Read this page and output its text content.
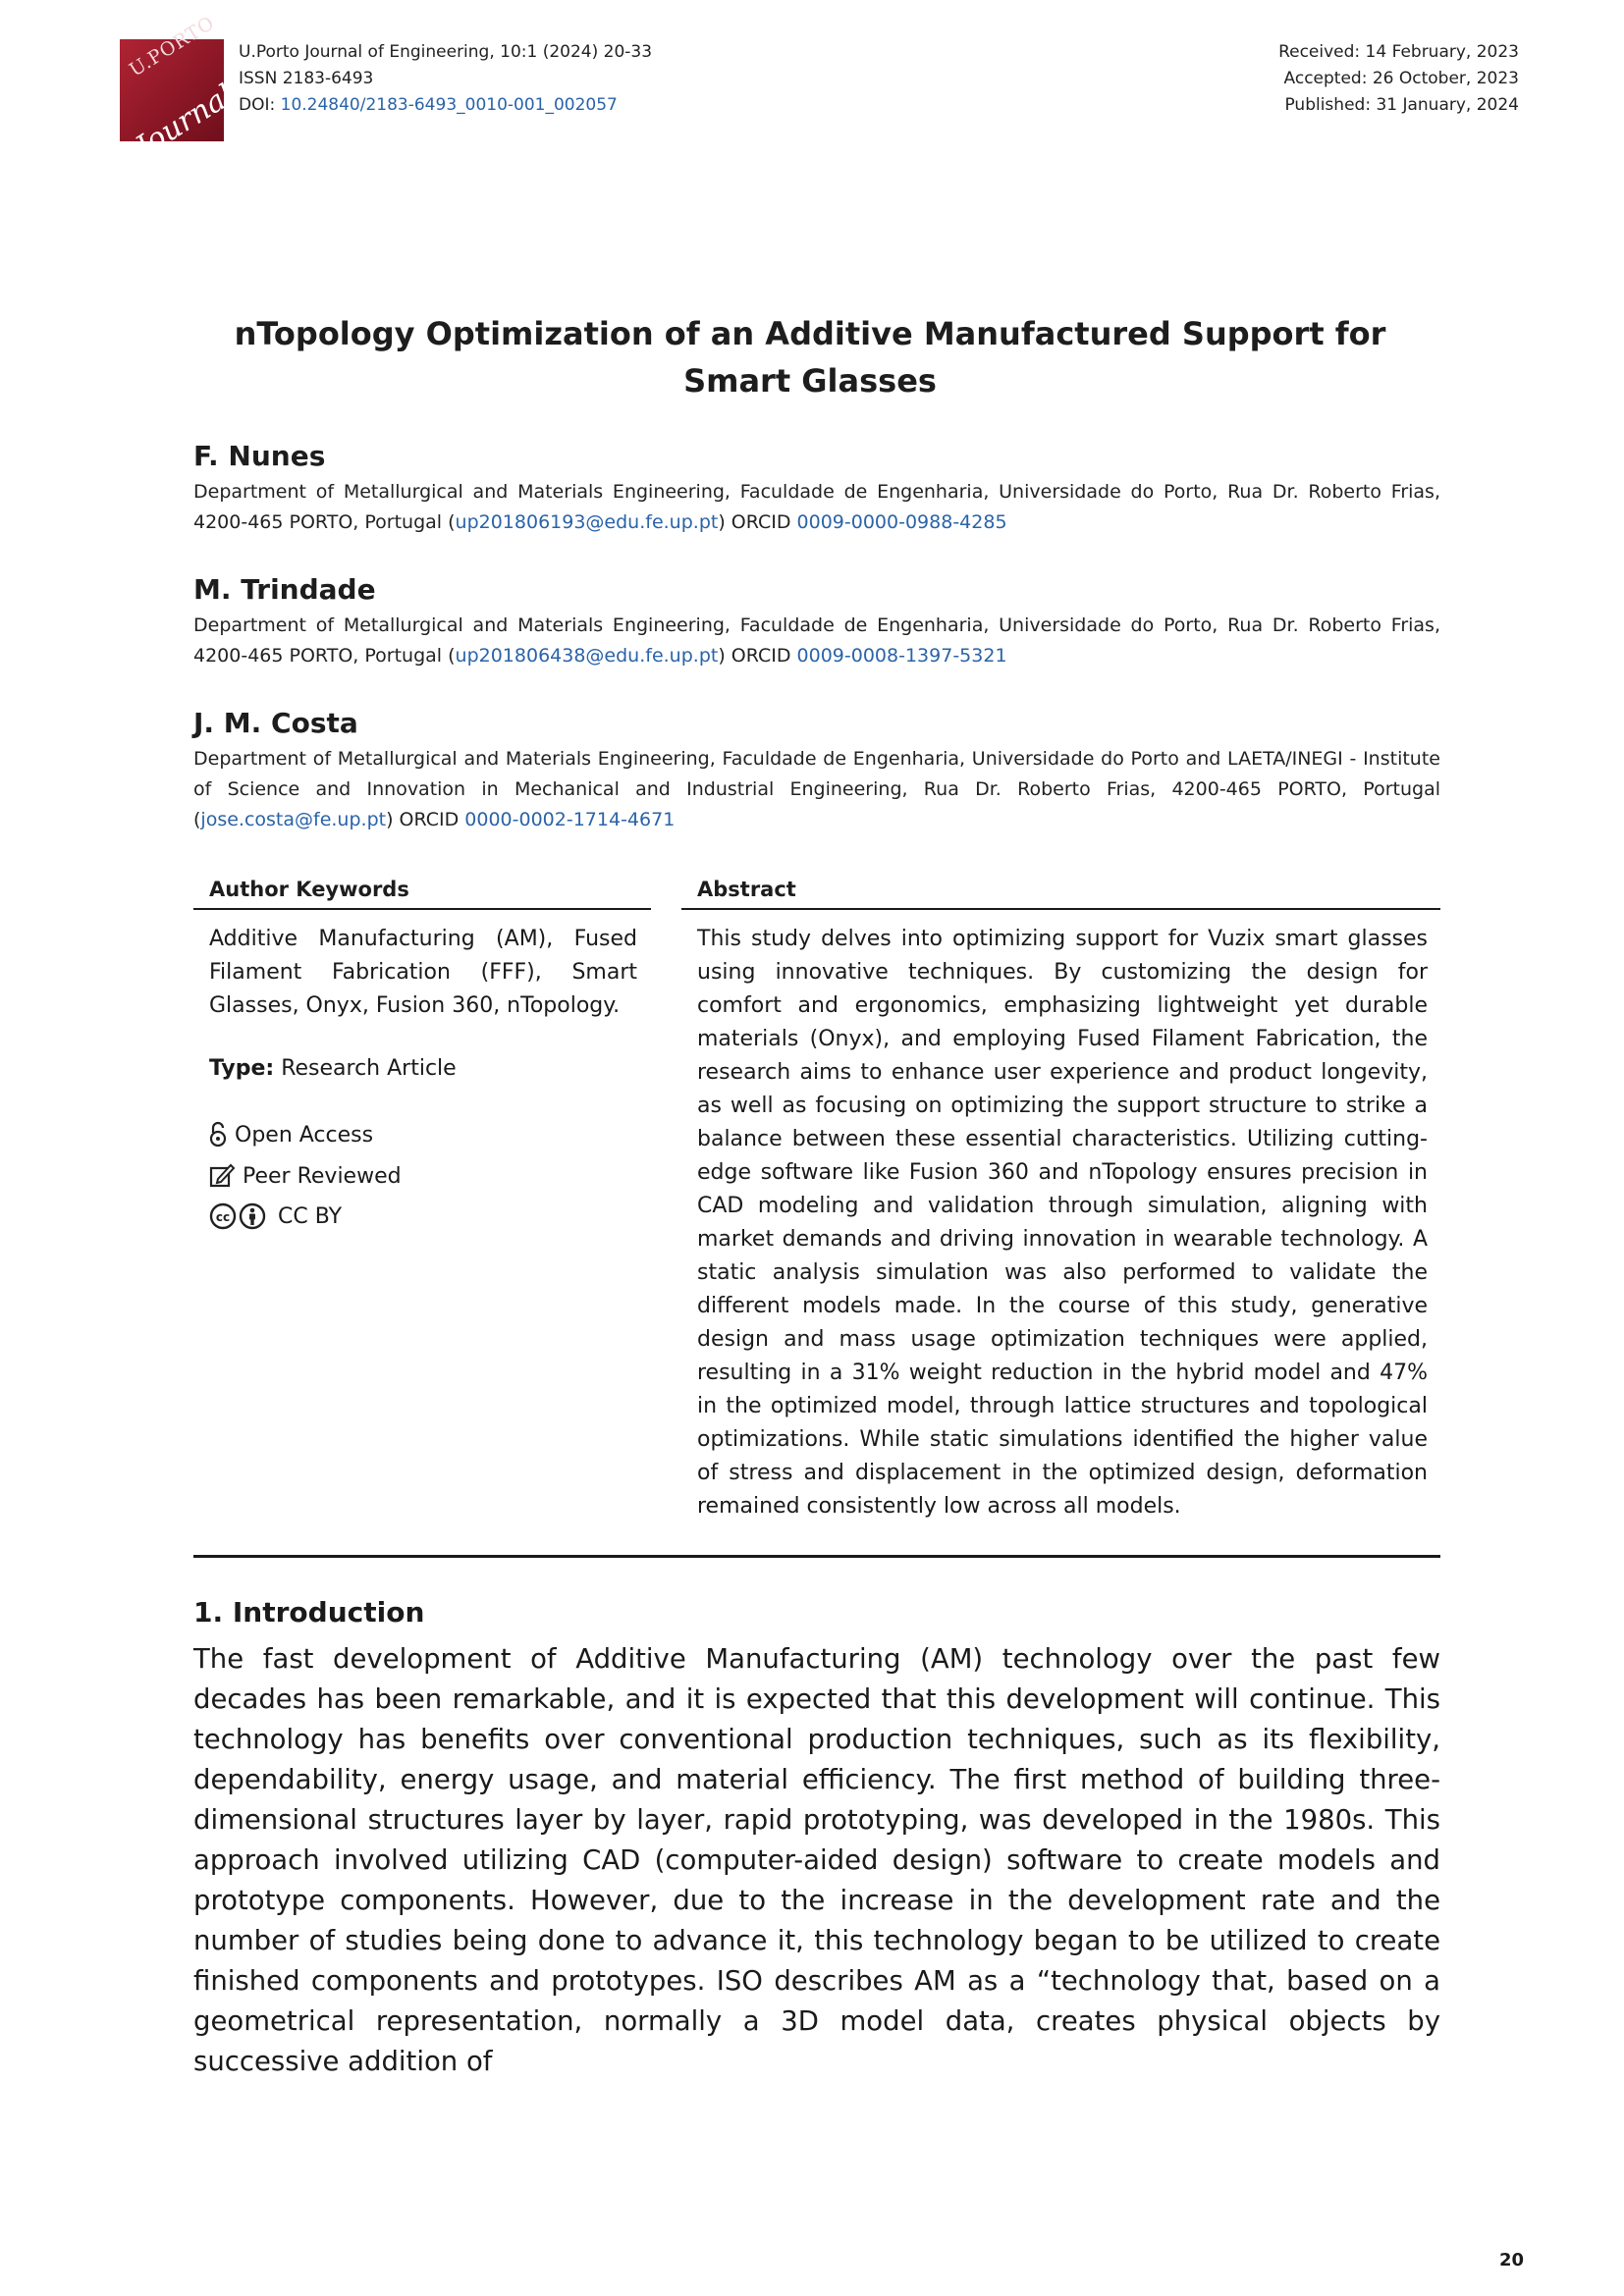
U.PORTO
Journal
U.Porto Journal of Engineering, 10:1 (2024) 20-33
ISSN 2183-6493
DOI: 10.24840/2183-6493_0010-001_002057
Received: 14 February, 2023
Accepted: 26 October, 2023
Published: 31 January, 2024
nTopology Optimization of an Additive Manufactured Support for Smart Glasses
F. Nunes
Department of Metallurgical and Materials Engineering, Faculdade de Engenharia, Universidade do Porto, Rua Dr. Roberto Frias, 4200-465 PORTO, Portugal (up201806193@edu.fe.up.pt) ORCID 0009-0000-0988-4285
M. Trindade
Department of Metallurgical and Materials Engineering, Faculdade de Engenharia, Universidade do Porto, Rua Dr. Roberto Frias, 4200-465 PORTO, Portugal (up201806438@edu.fe.up.pt) ORCID 0009-0008-1397-5321
J. M. Costa
Department of Metallurgical and Materials Engineering, Faculdade de Engenharia, Universidade do Porto and LAETA/INEGI - Institute of Science and Innovation in Mechanical and Industrial Engineering, Rua Dr. Roberto Frias, 4200-465 PORTO, Portugal (jose.costa@fe.up.pt) ORCID 0000-0002-1714-4671
Author Keywords
Additive Manufacturing (AM), Fused Filament Fabrication (FFF), Smart Glasses, Onyx, Fusion 360, nTopology.
Type: Research Article
Open Access
Peer Reviewed
cc CC BY
Abstract
This study delves into optimizing support for Vuzix smart glasses using innovative techniques. By customizing the design for comfort and ergonomics, emphasizing lightweight yet durable materials (Onyx), and employing Fused Filament Fabrication, the research aims to enhance user experience and product longevity, as well as focusing on optimizing the support structure to strike a balance between these essential characteristics. Utilizing cutting-edge software like Fusion 360 and nTopology ensures precision in CAD modeling and validation through simulation, aligning with market demands and driving innovation in wearable technology. A static analysis simulation was also performed to validate the different models made. In the course of this study, generative design and mass usage optimization techniques were applied, resulting in a 31% weight reduction in the hybrid model and 47% in the optimized model, through lattice structures and topological optimizations. While static simulations identified the higher value of stress and displacement in the optimized design, deformation remained consistently low across all models.
1. Introduction
The fast development of Additive Manufacturing (AM) technology over the past few decades has been remarkable, and it is expected that this development will continue. This technology has benefits over conventional production techniques, such as its flexibility, dependability, energy usage, and material efficiency. The first method of building three-dimensional structures layer by layer, rapid prototyping, was developed in the 1980s. This approach involved utilizing CAD (computer-aided design) software to create models and prototype components. However, due to the increase in the development rate and the number of studies being done to advance it, this technology began to be utilized to create finished components and prototypes. ISO describes AM as a “technology that, based on a geometrical representation, normally a 3D model data, creates physical objects by successive addition of
20
